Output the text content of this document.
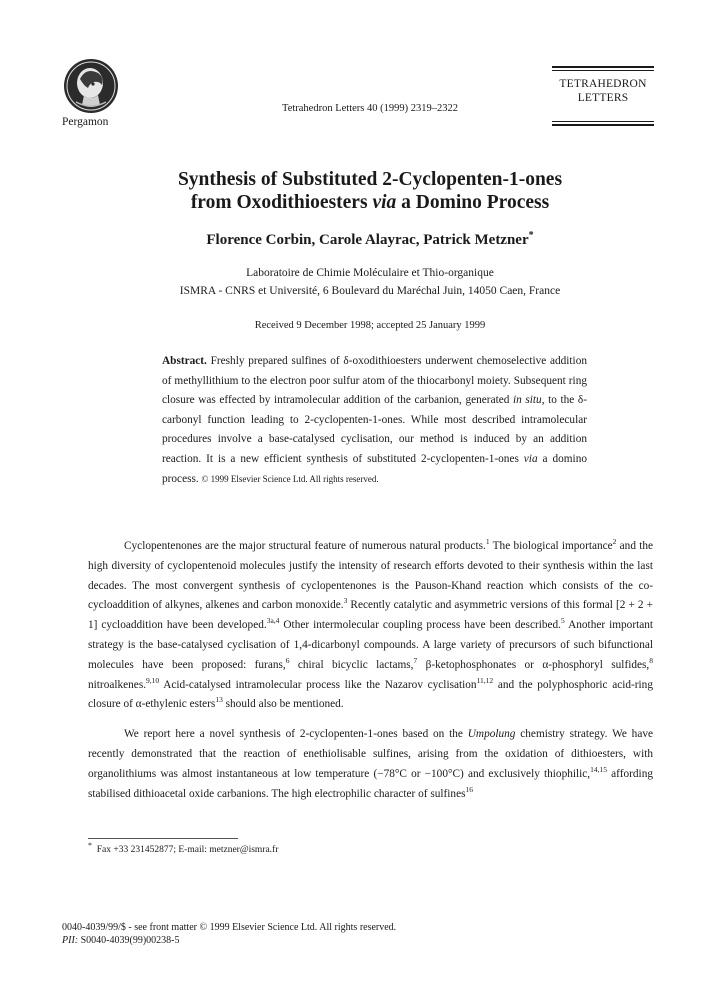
Pergamon
Tetrahedron Letters 40 (1999) 2319–2322
TETRAHEDRON
LETTERS
Synthesis of Substituted 2-Cyclopenten-1-ones
from Oxodithioesters via a Domino Process
Florence Corbin, Carole Alayrac, Patrick Metzner*
Laboratoire de Chimie Moléculaire et Thio-organique
ISMRA - CNRS et Université, 6 Boulevard du Maréchal Juin, 14050 Caen, France
Received 9 December 1998; accepted 25 January 1999
Abstract. Freshly prepared sulfines of δ-oxodithioesters underwent chemoselective addition of methyllithium to the electron poor sulfur atom of the thiocarbonyl moiety. Subsequent ring closure was effected by intramolecular addition of the carbanion, generated in situ, to the δ-carbonyl function leading to 2-cyclopenten-1-ones. While most described intramolecular procedures involve a base-catalysed cyclisation, our method is induced by an addition reaction. It is a new efficient synthesis of substituted 2-cyclopenten-1-ones via a domino process. © 1999 Elsevier Science Ltd. All rights reserved.

Cyclopentenones are the major structural feature of numerous natural products.$^1$ The biological importance$^2$ and the high diversity of cyclopentenoid molecules justify the intensity of research efforts devoted to their synthesis within the last decades. The most convergent synthesis of cyclopentenones is the Pauson-Khand reaction which consists of the co-cycloaddition of alkynes, alkenes and carbon monoxide.$^3$ Recently catalytic and asymmetric versions of this formal [2 + 2 + 1] cycloaddition have been developed.$^{3a,4}$ Other intermolecular coupling process have been described.$^5$ Another important strategy is the base-catalysed cyclisation of 1,4-dicarbonyl compounds. A large variety of precursors of such bifunctional molecules have been proposed: furans,$^6$ chiral bicyclic lactams,$^7$ β-ketophosphonates or α-phosphoryl sulfides,$^8$ nitroalkenes.$^{9,10}$ Acid-catalysed intramolecular process like the Nazarov cyclisation$^{11,12}$ and the polyphosphoric acid-ring closure of α-ethylenic esters$^{13}$ should also be mentioned.

We report here a novel synthesis of 2-cyclopenten-1-ones based on the Umpolung chemistry strategy. We have recently demonstrated that the reaction of enethiolisable sulfines, arising from the oxidation of dithioesters, with organolithiums was almost instantaneous at low temperature (−78°C or −100°C) and exclusively thiophilic,$^{14,15}$ affording stabilised dithioacetal oxide carbanions. The high electrophilic character of sulfines$^{16}$

* Fax +33 231452877; E-mail: metzner@ismra.fr
0040-4039/99/$ - see front matter © 1999 Elsevier Science Ltd. All rights reserved.
PII: S0040-4039(99)00238-5
